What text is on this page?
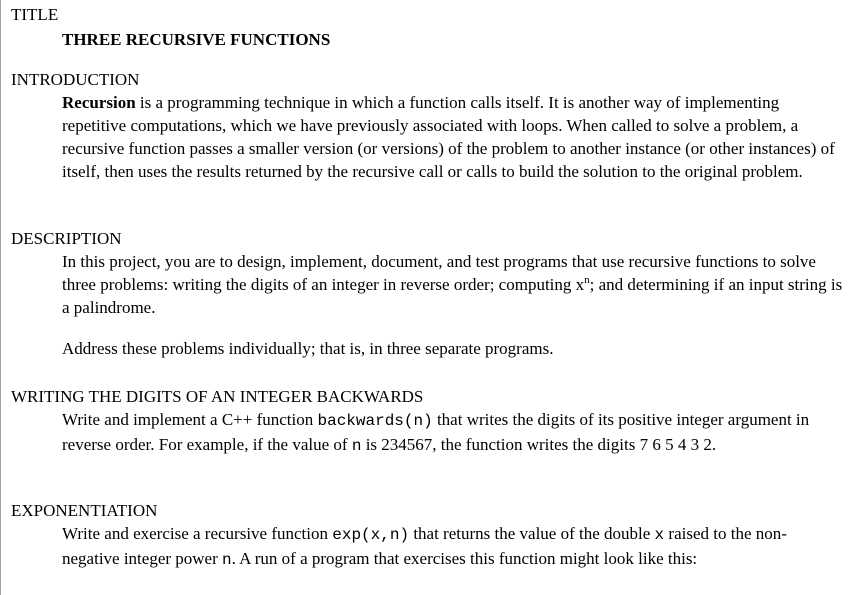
TITLE
THREE RECURSIVE FUNCTIONS
INTRODUCTION

Recursion is a programming technique in which a function calls itself. It is another way of implementing repetitive computations, which we have previously associated with loops. When called to solve a problem, a recursive function passes a smaller version (or versions) of the problem to another instance (or other instances) of itself, then uses the results returned by the recursive call or calls to build the solution to the original problem.

DESCRIPTION

In this project, you are to design, implement, document, and test programs that use recursive functions to solve three problems: writing the digits of an integer in reverse order; computing $x^n$; and determining if an input string is a palindrome.

Address these problems individually; that is, in three separate programs.

WRITING THE DIGITS OF AN INTEGER BACKWARDS

Write and implement a C++ function backwards(n) that writes the digits of its positive integer argument in reverse order. For example, if the value of n is 234567, the function writes the digits 7 6 5 4 3 2.

EXPONENTIATION

Write and exercise a recursive function exp(x,n) that returns the value of the double x raised to the non-negative integer power n. A run of a program that exercises this function might look like this:
